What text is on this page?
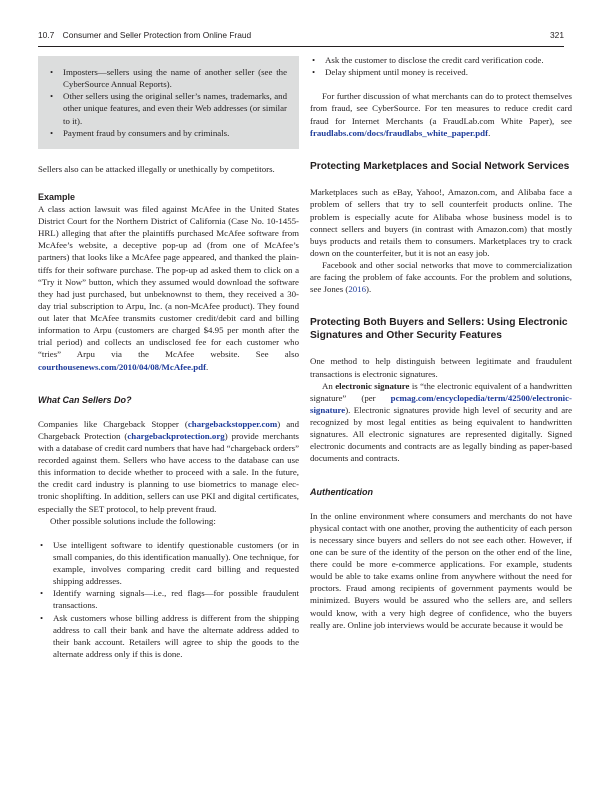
10.7 Consumer and Seller Protection from Online Fraud	321
• Imposters—sellers using the name of another seller (see the CyberSource Annual Reports).
• Other sellers using the original seller’s names, trademarks, and other unique features, and even their Web addresses (or similar to it).
• Payment fraud by consumers and by criminals.

Sellers also can be attacked illegally or unethically by competitors.

Example

A class action lawsuit was filed against McAfee in the United States District Court for the Northern District of California (Case No. 10-1455-HRL) alleging that after the plaintiffs purchased McAfee software from McAfee’s website, a deceptive pop-up ad (from one of McAfee’s partners) that looks like a McAfee page appeared, and thanked the plaintiffs for their software purchase. The pop-up ad asked them to click on a “Try it Now” button, which they assumed would download the software they had just purchased, but unbeknownst to them, they received a 30-day trial subscription to Arpu, Inc. (a non-McAfee product). They found out later that McAfee transmits customer credit/debit card and billing information to Arpu (customers are charged $4.95 per month after the trial period) and collects an undisclosed fee for each customer who “tries” Arpu via the McAfee website. See also courthousenews.com/2010/04/08/McAfee.pdf.

What Can Sellers Do?

Companies like Chargeback Stopper (chargebackstopper.com) and Chargeback Protection (chargebackprotection.org) provide merchants with a database of credit card numbers that have had “chargeback orders” recorded against them. Sellers who have access to the database can use this information to decide whether to proceed with a sale. In the future, the credit card industry is planning to use biometrics to manage electronic shoplifting. In addition, sellers can use PKI and digital certificates, especially the SET protocol, to help prevent fraud.

Other possible solutions include the following:

• Use intelligent software to identify questionable customers (or in small companies, do this identification manually). One technique, for example, involves comparing credit card billing and requested shipping addresses.
• Identify warning signals—i.e., red flags—for possible fraudulent transactions.
• Ask customers whose billing address is different from the shipping address to call their bank and have the alternate address added to their bank account. Retailers will agree to ship the goods to the alternate address only if this is done.
• Ask the customer to disclose the credit card verification code.
• Delay shipment until money is received.

For further discussion of what merchants can do to protect themselves from fraud, see CyberSource. For ten measures to reduce credit card fraud for Internet Merchants (a FraudLab.com White Paper), see fraudlabs.com/docs/fraudlabs_white_paper.pdf.

Protecting Marketplaces and Social Network Services

Marketplaces such as eBay, Yahoo!, Amazon.com, and Alibaba face a problem of sellers that try to sell counterfeit products online. The problem is especially acute for Alibaba whose business model is to connect sellers and buyers (in contrast with Amazon.com) that mostly buys products and retails them to consumers. Marketplaces try to crack down on the counterfeiter, but it is not an easy job.

Facebook and other social networks that move to commercialization are facing the problem of fake accounts. For the problem and solutions, see Jones (2016).

Protecting Both Buyers and Sellers: Using Electronic Signatures and Other Security Features

One method to help distinguish between legitimate and fraudulent transactions is electronic signatures.

An electronic signature is “the electronic equivalent of a handwritten signature” (per pcmag.com/encyclopedia/term/42500/electronic-signature). Electronic signatures provide high level of security and are recognized by most legal entities as being equivalent to handwritten signatures. All electronic signatures are represented digitally. Signed electronic documents and contracts are as legally binding as paper-based documents and contracts.

Authentication

In the online environment where consumers and merchants do not have physical contact with one another, proving the authenticity of each person is necessary since buyers and sellers do not see each other. However, if one can be sure of the identity of the person on the other end of the line, there could be more e-commerce applications. For example, students would be able to take exams online from anywhere without the need for proctors. Fraud among recipients of government payments would be minimized. Buyers would be assured who the sellers are, and sellers would know, with a very high degree of confidence, who the buyers really are. Online job interviews would be accurate because it would be
